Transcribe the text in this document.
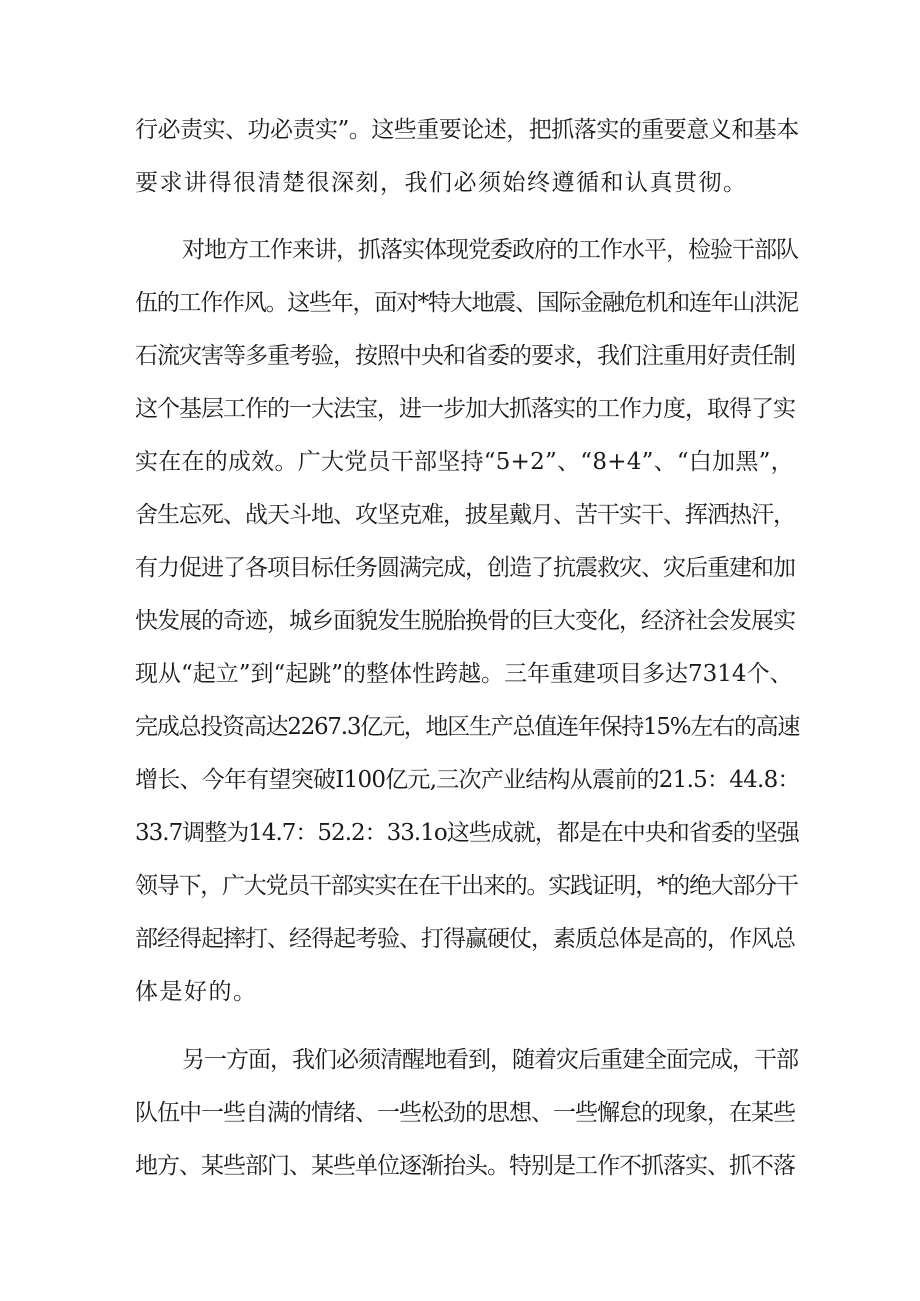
行必责实、功必责实”。这些重要论述，把抓落实的重要意义和基本
要求讲得很清楚很深刻，我们必须始终遵循和认真贯彻。
对地方工作来讲，抓落实体现党委政府的工作水平，检验干部队
伍的工作作风。这些年，面对*特大地震、国际金融危机和连年山洪泥
石流灾害等多重考验，按照中央和省委的要求，我们注重用好责任制
这个基层工作的一大法宝，进一步加大抓落实的工作力度，取得了实
实在在的成效。广大党员干部坚持“5+2”、“8+4”、“白加黑”，
舍生忘死、战天斗地、攻坚克难，披星戴月、苦干实干、挥洒热汗，
有力促进了各项目标任务圆满完成，创造了抗震救灾、灾后重建和加
快发展的奇迹，城乡面貌发生脱胎换骨的巨大变化，经济社会发展实
现从“起立”到“起跳”的整体性跨越。三年重建项目多达7314个、
完成总投资高达2267.3亿元，地区生产总值连年保持15%左右的高速
增长、今年有望突破I100亿元,三次产业结构从震前的21.5：44.8：
33.7调整为14.7：52.2：33.1o这些成就，都是在中央和省委的坚强
领导下，广大党员干部实实在在干出来的。实践证明，*的绝大部分干
部经得起摔打、经得起考验、打得赢硬仗，素质总体是高的，作风总
体是好的。
另一方面，我们必须清醒地看到，随着灾后重建全面完成，干部
队伍中一些自满的情绪、一些松劲的思想、一些懈怠的现象，在某些
地方、某些部门、某些单位逐渐抬头。特别是工作不抓落实、抓不落
